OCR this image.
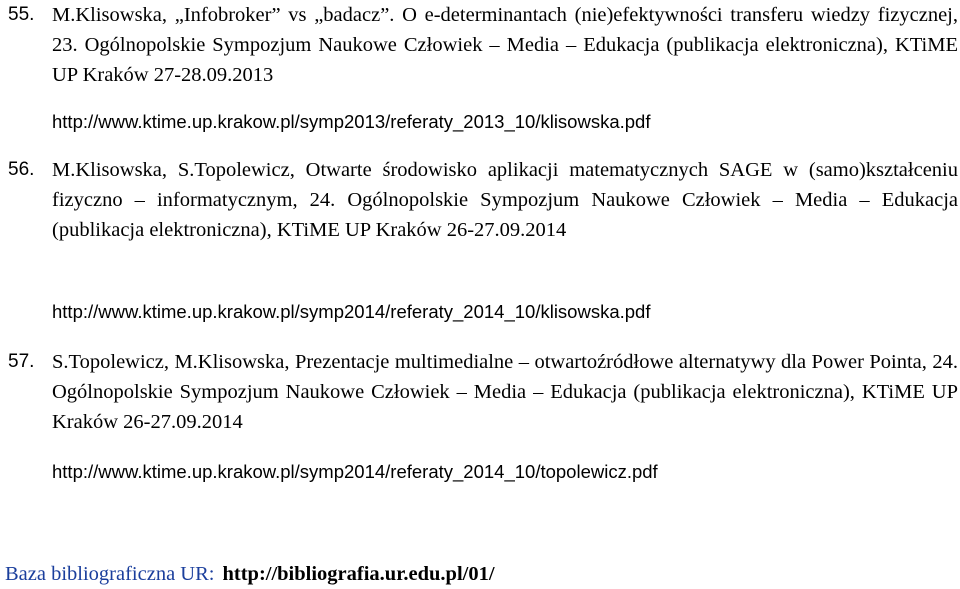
55. M.Klisowska, „Infobroker” vs „badacz”. O e-determinantach (nie)efektywności transferu wiedzy fizycznej, 23. Ogólnopolskie Sympozjum Naukowe Człowiek – Media – Edukacja (publikacja elektroniczna), KTiME UP Kraków 27-28.09.2013
http://www.ktime.up.krakow.pl/symp2013/referaty_2013_10/klisowska.pdf
56. M.Klisowska, S.Topolewicz, Otwarte środowisko aplikacji matematycznych SAGE w (samo)kształceniu fizyczno – informatycznym, 24. Ogólnopolskie Sympozjum Naukowe Człowiek – Media – Edukacja (publikacja elektroniczna), KTiME UP Kraków 26-27.09.2014
http://www.ktime.up.krakow.pl/symp2014/referaty_2014_10/klisowska.pdf
57. S.Topolewicz, M.Klisowska, Prezentacje multimedialne – otwartoźródłowe alternatywy dla Power Pointa, 24. Ogólnopolskie Sympozjum Naukowe Człowiek – Media – Edukacja (publikacja elektroniczna), KTiME UP Kraków 26-27.09.2014
http://www.ktime.up.krakow.pl/symp2014/referaty_2014_10/topolewicz.pdf
Baza bibliograficzna UR: http://bibliografia.ur.edu.pl/01/
